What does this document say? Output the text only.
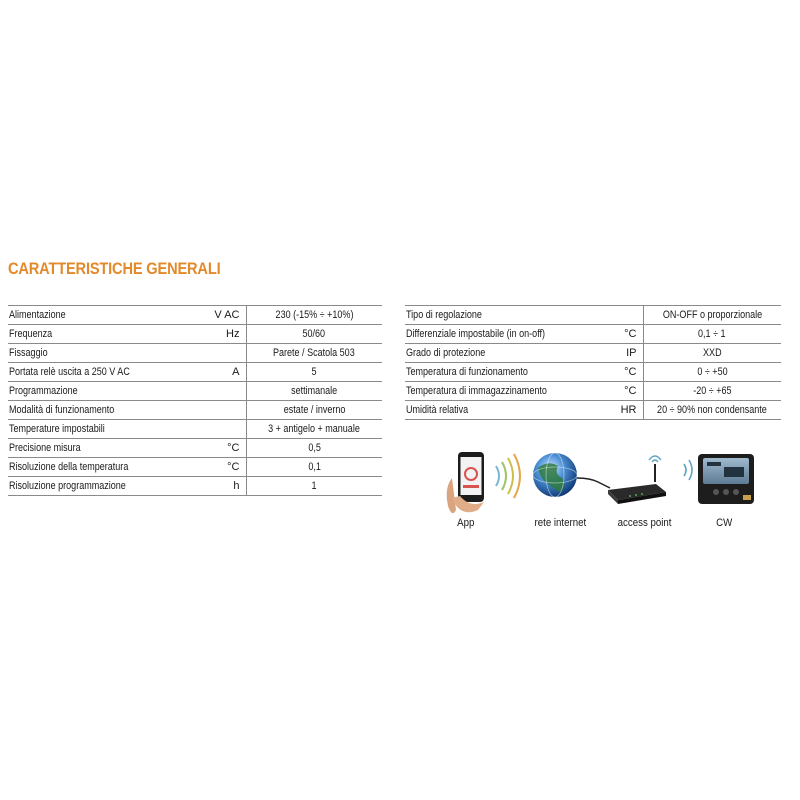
CARATTERISTICHE GENERALI
Alimentazione	V AC	230 (-15% ÷ +10%)
Frequenza	Hz	50/60
Fissaggio		Parete / Scatola 503
Portata relè uscita a 250 V AC	A	5
Programmazione		settimanale
Modalità di funzionamento		estate / inverno
Temperature impostabili		3 + antigelo + manuale
Precisione misura	°C	0,5
Risoluzione della temperatura	°C	0,1
Risoluzione programmazione	h	1
Tipo di regolazione		ON-OFF o proporzionale
Differenziale impostabile (in on-off)	°C	0,1 ÷ 1
Grado di protezione	IP	XXD
Temperatura di funzionamento	°C	0 ÷ +50
Temperatura di immagazzinamento	°C	-20 ÷ +65
Umidità relativa	HR	20 ÷ 90% non condensante
App	rete internet	access point	CW
